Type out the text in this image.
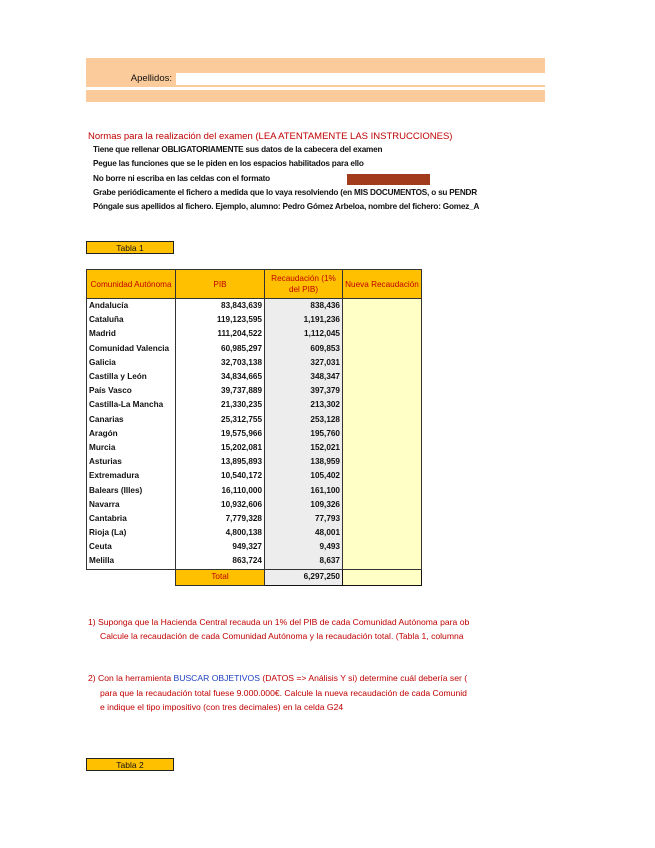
Apellidos:
Normas para la realización del examen (LEA ATENTAMENTE LAS INSTRUCCIONES)
Tiene que rellenar OBLIGATORIAMENTE sus datos de la cabecera del examen
Pegue las funciones que se le piden en los espacios habilitados para ello
No borre ni escriba en las celdas con el formato
Grabe periódicamente el fichero a medida que lo vaya resolviendo (en MIS DOCUMENTOS, o su PENDR
Póngale sus apellidos al fichero. Ejemplo, alumno: Pedro Gómez Arbeloa, nombre del fichero: Gomez_A
Tabla 1
Comunidad Autónoma	PIB	Recaudación (1% del PIB)	Nueva Recaudación
Andalucía	83,843,639	838,436	
Cataluña	119,123,595	1,191,236	
Madrid	111,204,522	1,112,045	
Comunidad Valencia	60,985,297	609,853	
Galicia	32,703,138	327,031	
Castilla y León	34,834,665	348,347	
País Vasco	39,737,889	397,379	
Castilla-La Mancha	21,330,235	213,302	
Canarias	25,312,755	253,128	
Aragón	19,575,966	195,760	
Murcia	15,202,081	152,021	
Asturias	13,895,893	138,959	
Extremadura	10,540,172	105,402	
Balears (Illes)	16,110,000	161,100	
Navarra	10,932,606	109,326	
Cantabria	7,779,328	77,793	
Rioja (La)	4,800,138	48,001	
Ceuta	949,327	9,493	
Melilla	863,724	8,637	
	Total	6,297,250	
1) Suponga que la Hacienda Central recauda un 1% del PIB de cada Comunidad Autónoma para ob
Calcule la recaudación de cada Comunidad Autónoma y la recaudación total. (Tabla 1, columna
2) Con la herramienta BUSCAR OBJETIVOS (DATOS => Análisis Y si) determine cuál debería ser (
para que la recaudación total fuese 9.000.000€. Calcule la nueva recaudación de cada Comunid
e indique el tipo impositivo (con tres decimales) en la celda G24
Tabla 2
